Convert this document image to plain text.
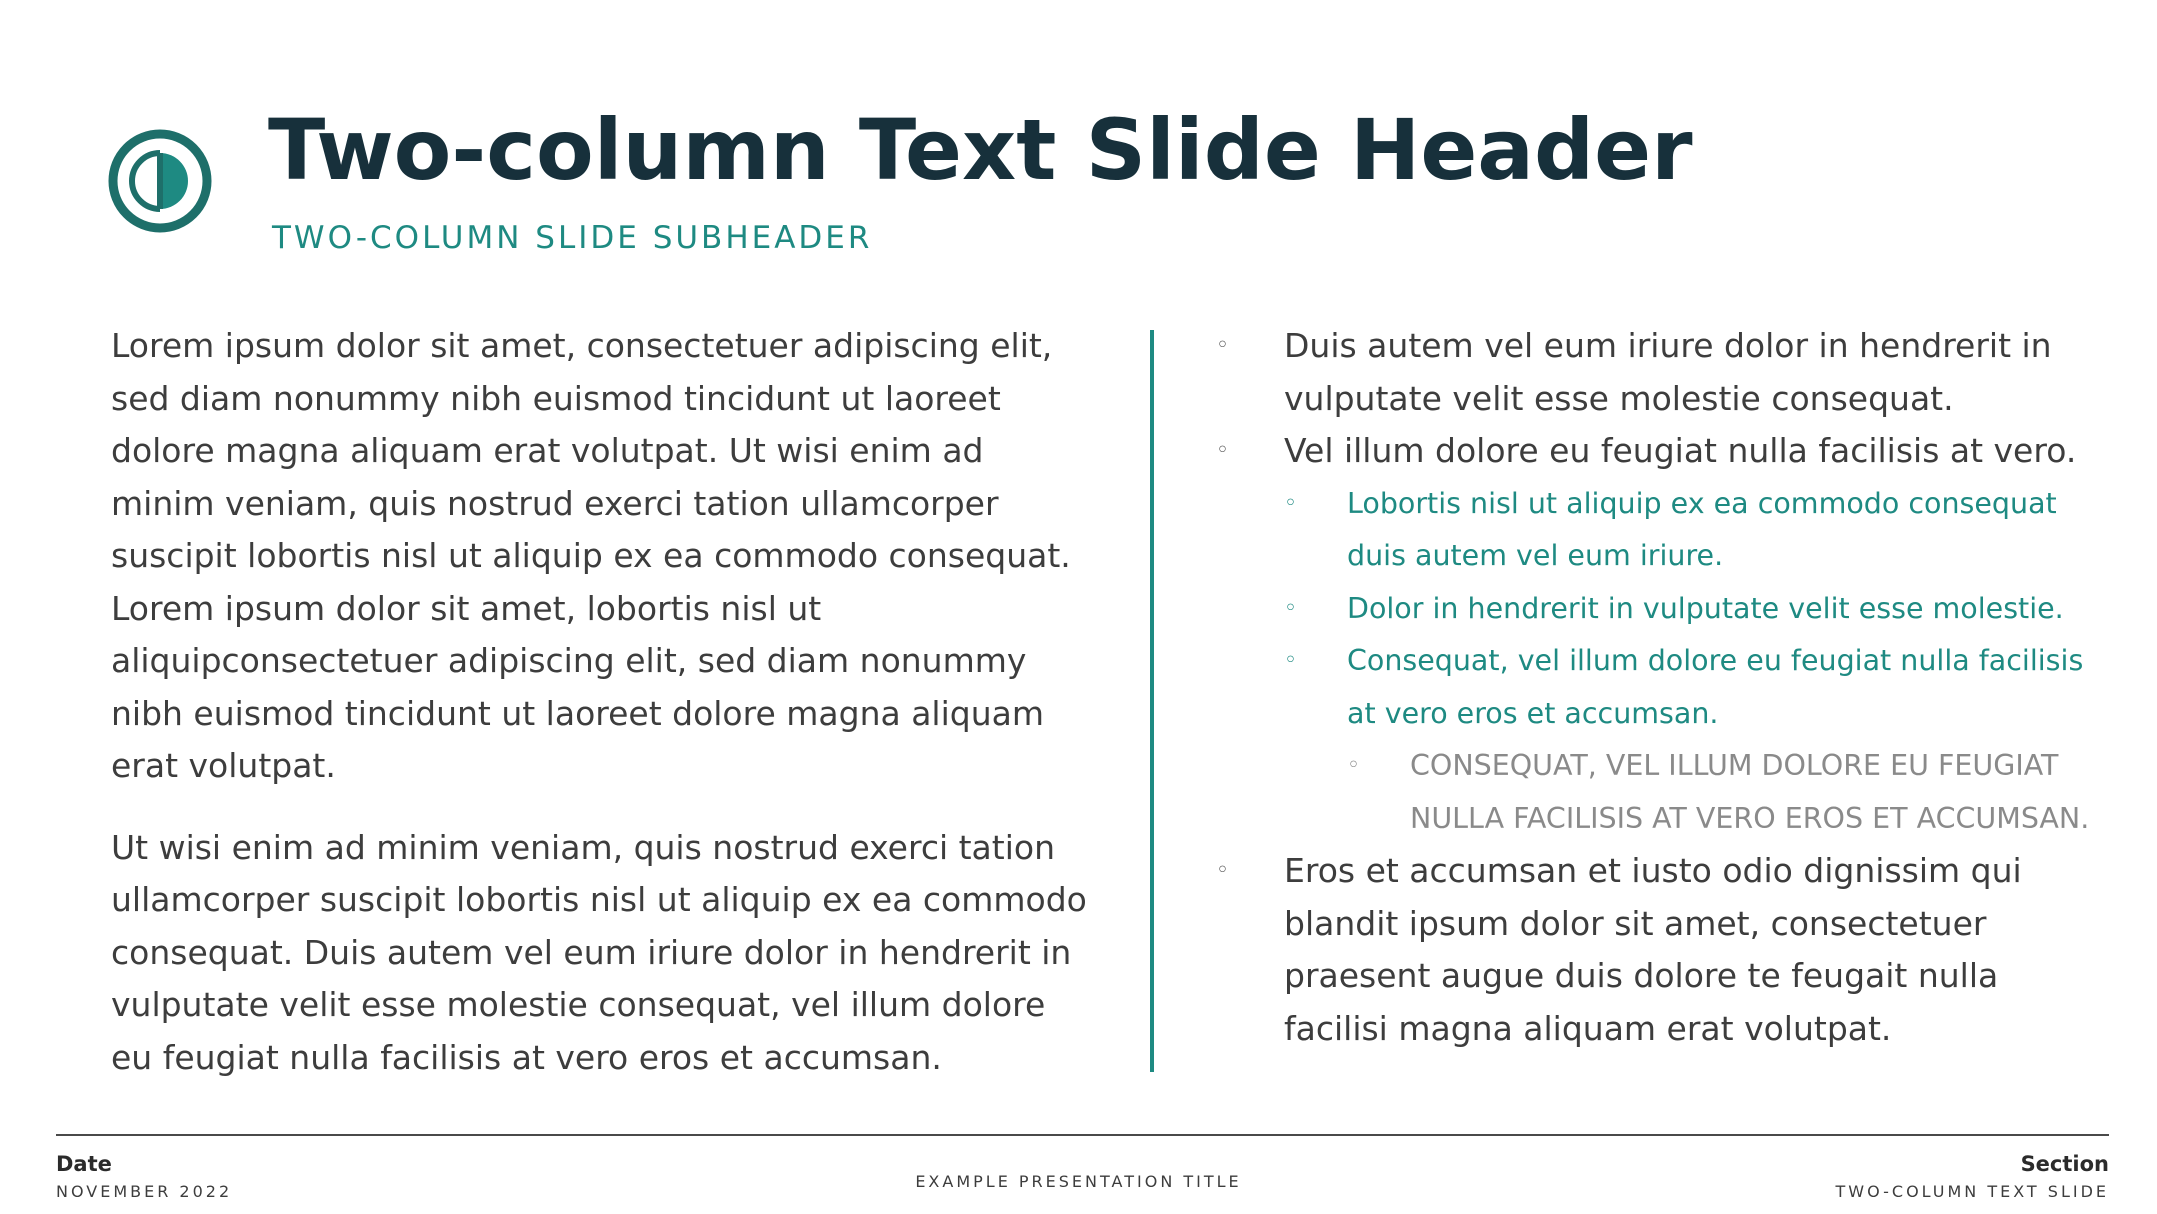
Two-column Text Slide Header
TWO-COLUMN SLIDE SUBHEADER

Lorem ipsum dolor sit amet, consectetuer adipiscing elit, sed diam nonummy nibh euismod tincidunt ut laoreet dolore magna aliquam erat volutpat. Ut wisi enim ad minim veniam, quis nostrud exerci tation ullamcorper suscipit lobortis nisl ut aliquip ex ea commodo consequat. Lorem ipsum dolor sit amet, lobortis nisl ut aliquipconsectetuer adipiscing elit, sed diam nonummy nibh euismod tincidunt ut laoreet dolore magna aliquam erat volutpat.

Ut wisi enim ad minim veniam, quis nostrud exerci tation ullamcorper suscipit lobortis nisl ut aliquip ex ea commodo consequat. Duis autem vel eum iriure dolor in hendrerit in vulputate velit esse molestie consequat, vel illum dolore eu feugiat nulla facilisis at vero eros et accumsan.

◦ Duis autem vel eum iriure dolor in hendrerit in vulputate velit esse molestie consequat.
◦ Vel illum dolore eu feugiat nulla facilisis at vero.
◦ Lobortis nisl ut aliquip ex ea commodo consequat duis autem vel eum iriure.
◦ Dolor in hendrerit in vulputate velit esse molestie.
◦ Consequat, vel illum dolore eu feugiat nulla facilisis at vero eros et accumsan.
◦ CONSEQUAT, VEL ILLUM DOLORE EU FEUGIAT NULLA FACILISIS AT VERO EROS ET ACCUMSAN.
◦ Eros et accumsan et iusto odio dignissim qui blandit ipsum dolor sit amet, consectetuer praesent augue duis dolore te feugait nulla facilisi magna aliquam erat volutpat.
Date
NOVEMBER 2022
EXAMPLE PRESENTATION TITLE
Section
TWO-COLUMN TEXT SLIDE
